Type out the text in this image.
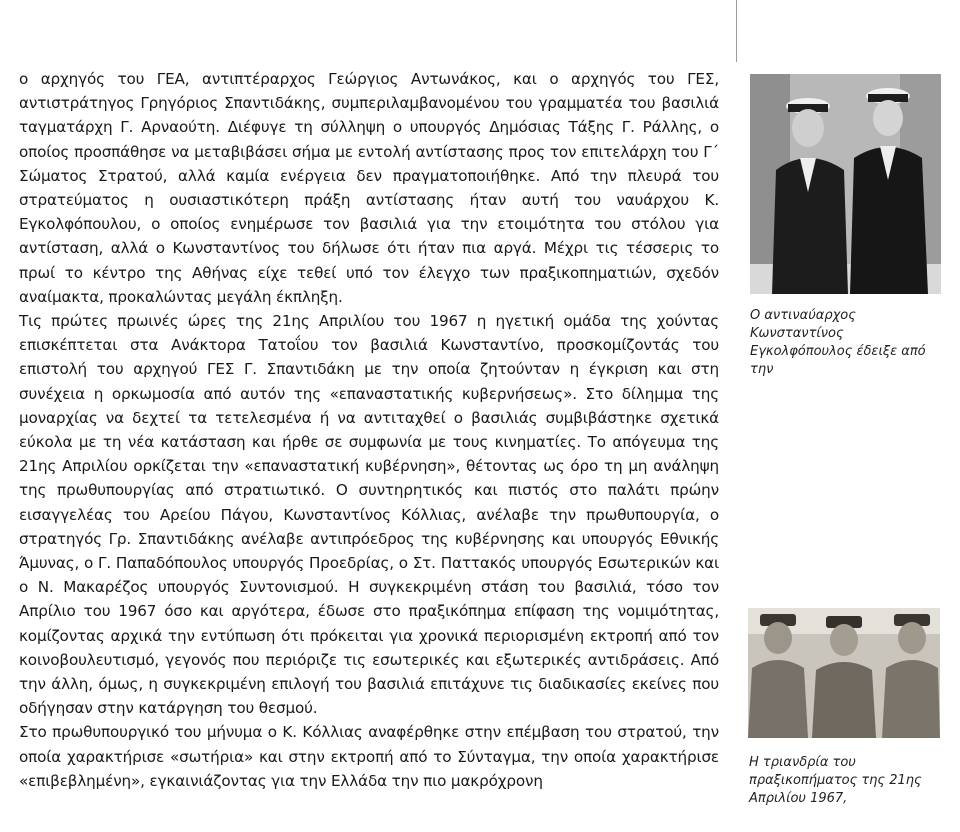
ο αρχηγός του ΓΕΑ, αντιπτέραρχος Γεώργιος Αντωνάκος, και ο αρχηγός του ΓΕΣ, αντιστράτηγος Γρηγόριος Σπαντιδάκης, συμπεριλαμβανομένου του γραμματέα του βασιλιά ταγματάρχη Γ. Αρναούτη. Διέφυγε τη σύλληψη ο υπουργός Δημόσιας Τάξης Γ. Ράλλης, ο οποίος προσπάθησε να μεταβιβάσει σήμα με εντολή αντίστασης προς τον επιτελάρχη του Γ΄ Σώματος Στρατού, αλλά καμία ενέργεια δεν πραγματοποιήθηκε. Από την πλευρά του στρατεύματος η ουσιαστικότερη πράξη αντίστασης ήταν αυτή του ναυάρχου Κ. Εγκολφόπουλου, ο οποίος ενημέρωσε τον βασιλιά για την ετοιμότητα του στόλου για αντίσταση, αλλά ο Κωνσταντίνος του δήλωσε ότι ήταν πια αργά. Μέχρι τις τέσσερις το πρωί το κέντρο της Αθήνας είχε τεθεί υπό τον έλεγχο των πραξικοπηματιών, σχεδόν αναίμακτα, προκαλώντας μεγάλη έκπληξη.

Τις πρώτες πρωινές ώρες της 21ης Απριλίου του 1967 η ηγετική ομάδα της χούντας επισκέπτεται στα Ανάκτορα Τατοΐου τον βασιλιά Κωνσταντίνο, προσκομίζοντάς του επιστολή του αρχηγού ΓΕΣ Γ. Σπαντιδάκη με την οποία ζητούνταν η έγκριση και στη συνέχεια η ορκωμοσία από αυτόν της «επαναστατικής κυβερνήσεως». Στο δίλημμα της μοναρχίας να δεχτεί τα τετελεσμένα ή να αντιταχθεί ο βασιλιάς συμβιβάστηκε σχετικά εύκολα με τη νέα κατάσταση και ήρθε σε συμφωνία με τους κινηματίες. Το απόγευμα της 21ης Απριλίου ορκίζεται την «επαναστατική κυβέρνηση», θέτοντας ως όρο τη μη ανάληψη της πρωθυπουργίας από στρατιωτικό. Ο συντηρητικός και πιστός στο παλάτι πρώην εισαγγελέας του Αρείου Πάγου, Κωνσταντίνος Κόλλιας, ανέλαβε την πρωθυπουργία, ο στρατηγός Γρ. Σπαντιδάκης ανέλαβε αντιπρόεδρος της κυβέρνησης και υπουργός Εθνικής Άμυνας, ο Γ. Παπαδόπουλος υπουργός Προεδρίας, ο Στ. Παττακός υπουργός Εσωτερικών και ο Ν. Μακαρέζος υπουργός Συντονισμού. Η συγκεκριμένη στάση του βασιλιά, τόσο τον Απρίλιο του 1967 όσο και αργότερα, έδωσε στο πραξικόπημα επίφαση της νομιμότητας, κομίζοντας αρχικά την εντύπωση ότι πρόκειται για χρονικά περιορισμένη εκτροπή από τον κοινοβουλευτισμό, γεγονός που περιόριζε τις εσωτερικές και εξωτερικές αντιδράσεις. Από την άλλη, όμως, η συγκεκριμένη επιλογή του βασιλιά επιτάχυνε τις διαδικασίες εκείνες που οδήγησαν στην κατάργηση του θεσμού.

Στο πρωθυπουργικό του μήνυμα ο Κ. Κόλλιας αναφέρθηκε στην επέμβαση του στρατού, την οποία χαρακτήρισε «σωτήρια» και στην εκτροπή από το Σύνταγμα, την οποία χαρακτήρισε «επιβεβλημένη», εγκαινιάζοντας για την Ελλάδα την πιο μακρόχρονη

Ο αντιναύαρχος Κωνσταντίνος Εγκολφόπουλος έδειξε από την

Η τριανδρία του πραξικοπήματος της 21ης Απριλίου 1967,
